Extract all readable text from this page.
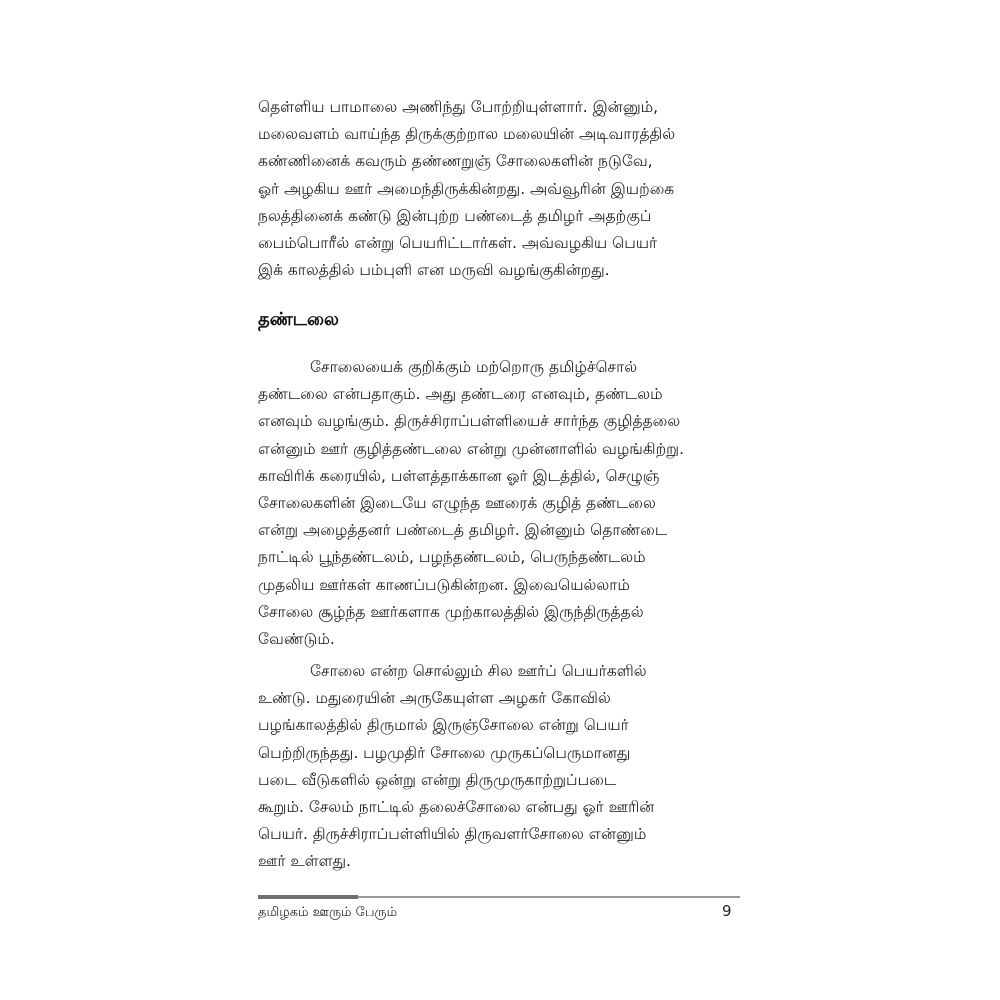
தெள்ளிய பாமாலை அணிந்து போற்றியுள்ளார். இன்னும்,
மலைவளம் வாய்ந்த திருக்குற்றால மலையின் அடிவாரத்தில்
கண்ணினைக் கவரும் தண்ணறுஞ் சோலைகளின் நடுவே,
ஓர் அழகிய ஊர் அமைந்திருக்கின்றது. அவ்வூரின் இயற்கை
நலத்தினைக் கண்டு இன்புற்ற பண்டைத் தமிழர் அதற்குப்
பைம்பொரீல் என்று பெயரிட்டார்கள். அவ்வழகிய பெயர்
இக் காலத்தில் பம்புளி என மருவி வழங்குகின்றது.
தண்டலை
சோலையைக் குறிக்கும் மற்றொரு தமிழ்ச்சொல்
தண்டலை என்பதாகும். அது தண்டரை எனவும், தண்டலம்
எனவும் வழங்கும். திருச்சிராப்பள்ளியைச் சார்ந்த குழித்தலை
என்னும் ஊர் குழித்தண்டலை என்று முன்னாளில் வழங்கிற்று.
காவிரிக் கரையில், பள்ளத்தாக்கான ஓர் இடத்தில், செழுஞ்
சோலைகளின் இடையே எழுந்த ஊரைக் குழித் தண்டலை
என்று அழைத்தனர் பண்டைத் தமிழர். இன்னும் தொண்டை
நாட்டில் பூந்தண்டலம், பழந்தண்டலம், பெருந்தண்டலம்
முதலிய ஊர்கள் காணப்படுகின்றன. இவையெல்லாம்
சோலை சூழ்ந்த ஊர்களாக முற்காலத்தில் இருந்திருத்தல்
வேண்டும்.
சோலை என்ற சொல்லும் சில ஊர்ப் பெயர்களில்
உண்டு. மதுரையின் அருகேயுள்ள அழகர் கோவில்
பழங்காலத்தில் திருமால் இருஞ்சோலை என்று பெயர்
பெற்றிருந்தது. பழமுதிர் சோலை முருகப்பெருமானது
படை வீடுகளில் ஒன்று என்று திருமுருகாற்றுப்படை
கூறும். சேலம் நாட்டில் தலைச்சோலை என்பது ஓர் ஊரின்
பெயர். திருச்சிராப்பள்ளியில் திருவளர்சோலை என்னும்
ஊர் உள்ளது.
தமிழகம் ஊரும் பேரும்	9
